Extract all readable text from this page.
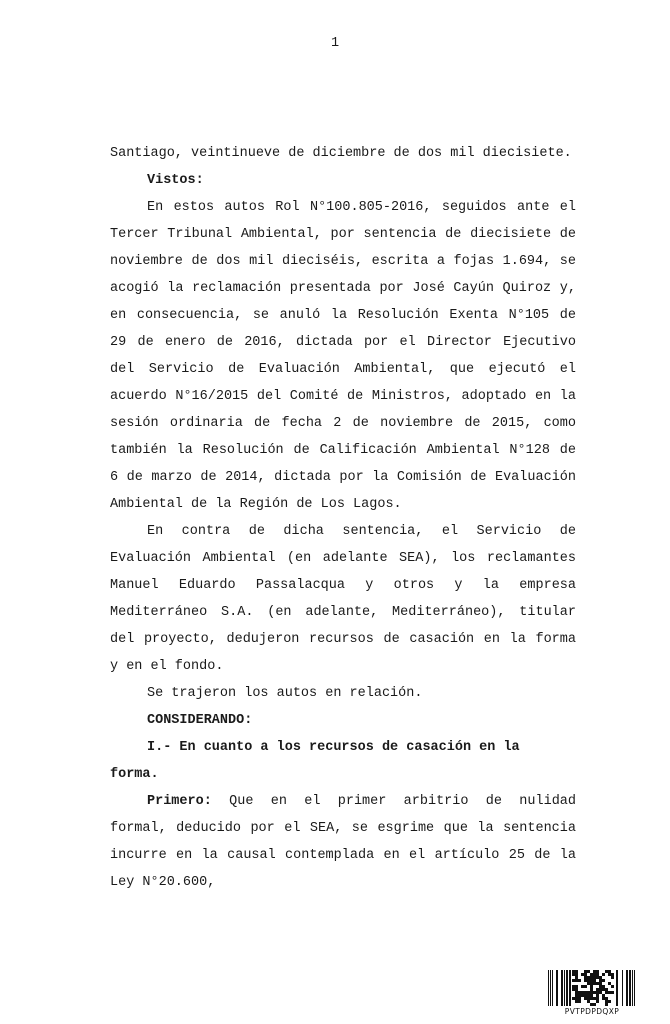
1

Santiago, veintinueve de diciembre de dos mil diecisiete.

Vistos:

En estos autos Rol N°100.805-2016, seguidos ante el Tercer Tribunal Ambiental, por sentencia de diecisiete de noviembre de dos mil dieciséis, escrita a fojas 1.694, se acogió la reclamación presentada por José Cayún Quiroz y, en consecuencia, se anuló la Resolución Exenta N°105 de 29 de enero de 2016, dictada por el Director Ejecutivo del Servicio de Evaluación Ambiental, que ejecutó el acuerdo N°16/2015 del Comité de Ministros, adoptado en la sesión ordinaria de fecha 2 de noviembre de 2015, como también la Resolución de Calificación Ambiental N°128 de 6 de marzo de 2014, dictada por la Comisión de Evaluación Ambiental de la Región de Los Lagos.

En contra de dicha sentencia, el Servicio de Evaluación Ambiental (en adelante SEA), los reclamantes Manuel Eduardo Passalacqua y otros y la empresa Mediterráneo S.A. (en adelante, Mediterráneo), titular del proyecto, dedujeron recursos de casación en la forma y en el fondo.

Se trajeron los autos en relación.

CONSIDERANDO:

I.- En cuanto a los recursos de casación en la forma.

Primero: Que en el primer arbitrio de nulidad formal, deducido por el SEA, se esgrime que la sentencia incurre en la causal contemplada en el artículo 25 de la Ley N°20.600,

PVTPDPDQXP
